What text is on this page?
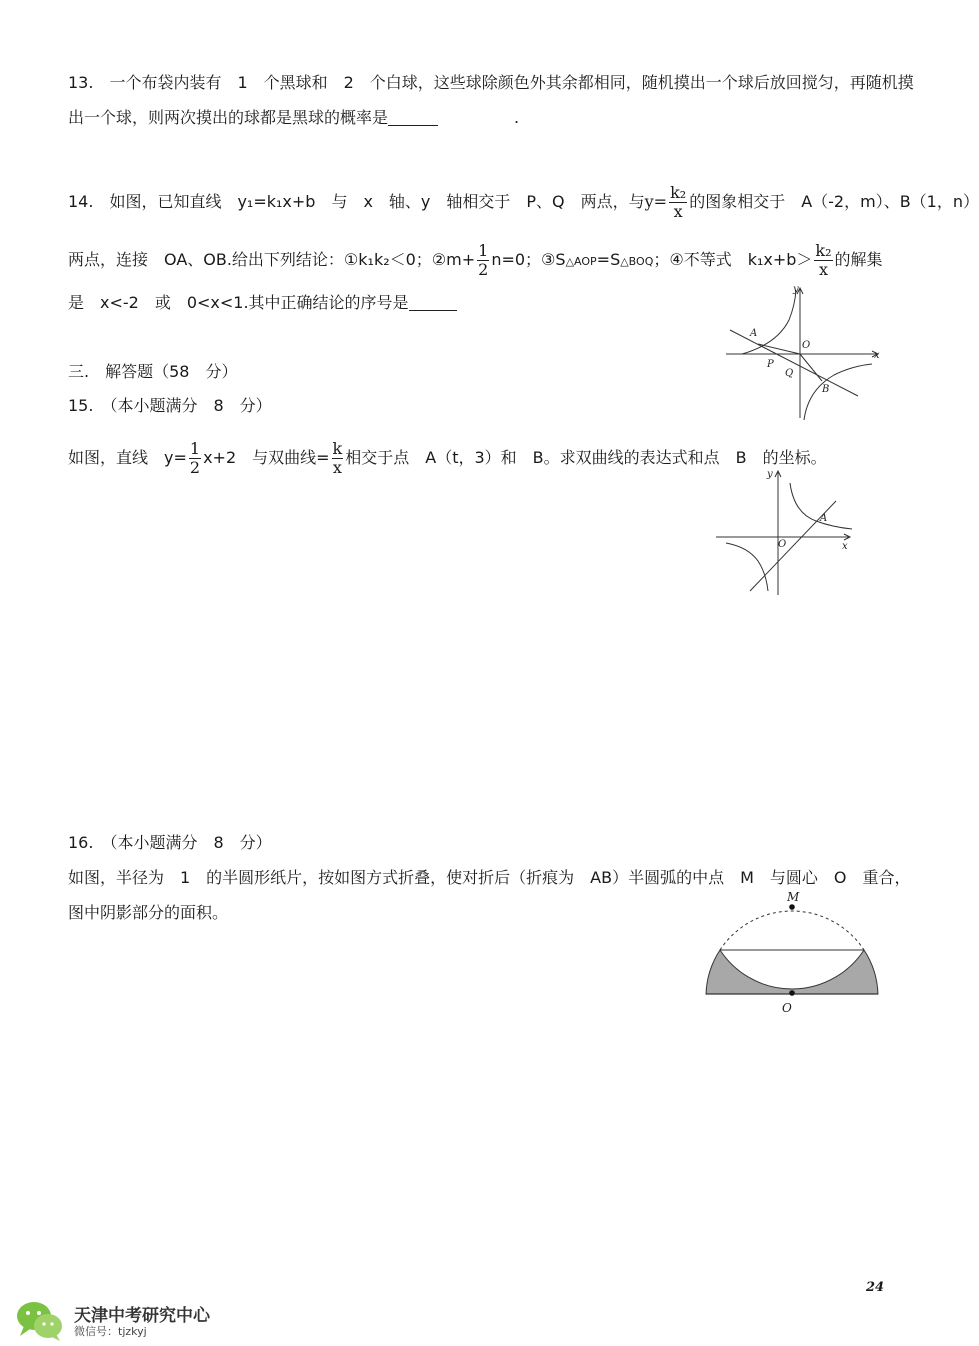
13.　一个布袋内装有　1　个黑球和　2　个白球，这些球除颜色外其余都相同，随机摸出一个球后放回搅匀，再随机摸
出一个球，则两次摸出的球都是黑球的概率是	.
14.　如图，已知直线　y₁=k₁x+b　与　x　轴、y　轴相交于　P、Q　两点，与$y= \frac{\text{k₂}}{x}$ 的图象相交于　A（-2，m）、B（1，n）
两点，连接　OA、OB.给出下列结论：①k₁k₂＜0；②m+ $\frac{1}{2} n=0$；③S△AOP=S△BOQ；④不等式　$k_1x+b> \frac{\text{k₂}}{x}$ 的解集
是　x<-2　或　0<x<1.其中正确结论的序号是
y
x
A
O
P
Q
B
三.　解答题（58　分）
15.　（本小题满分　8　分）
如图，直线　$y= \frac{1}{2} x+2$　与双曲线= $\frac{k}{x}$ 相交于点　A（t，3）和　B。求双曲线的表达式和点　B　的坐标。
y
x
A
O
16.　（本小题满分　8　分）
如图，半径为　1　的半圆形纸片，按如图方式折叠，使对折后（折痕为　AB）半圆弧的中点　M　与圆心　O　重合，
图中阴影部分的面积。
M
O
24
天津中考研究中心
微信号：tjzkyj
